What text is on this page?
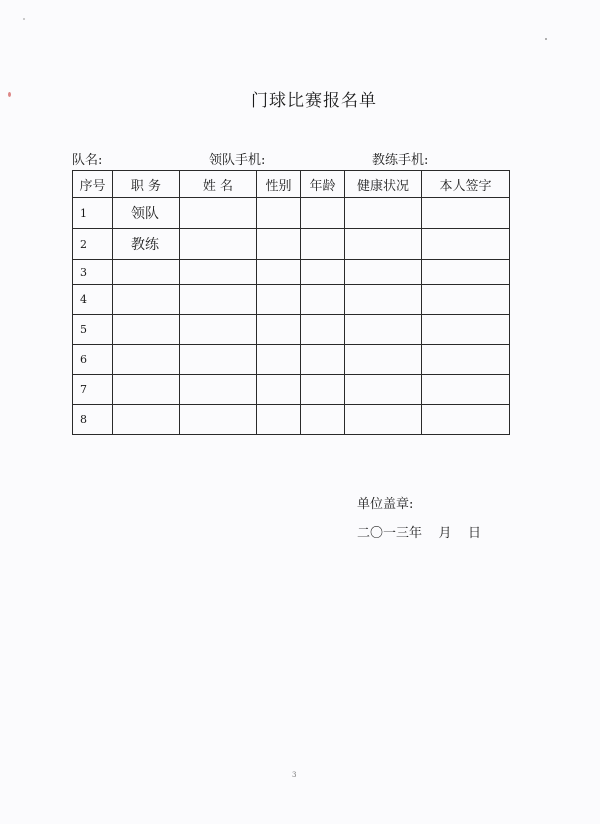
门球比赛报名单
队名:	领队手机:	教练手机:
序号	职 务	姓 名	性别	年龄	健康状况	本人签字
1	领队					
2	教练					
3						
4						
5						
6						
7						
8						
单位盖章:
二〇一三年    月    日
3
